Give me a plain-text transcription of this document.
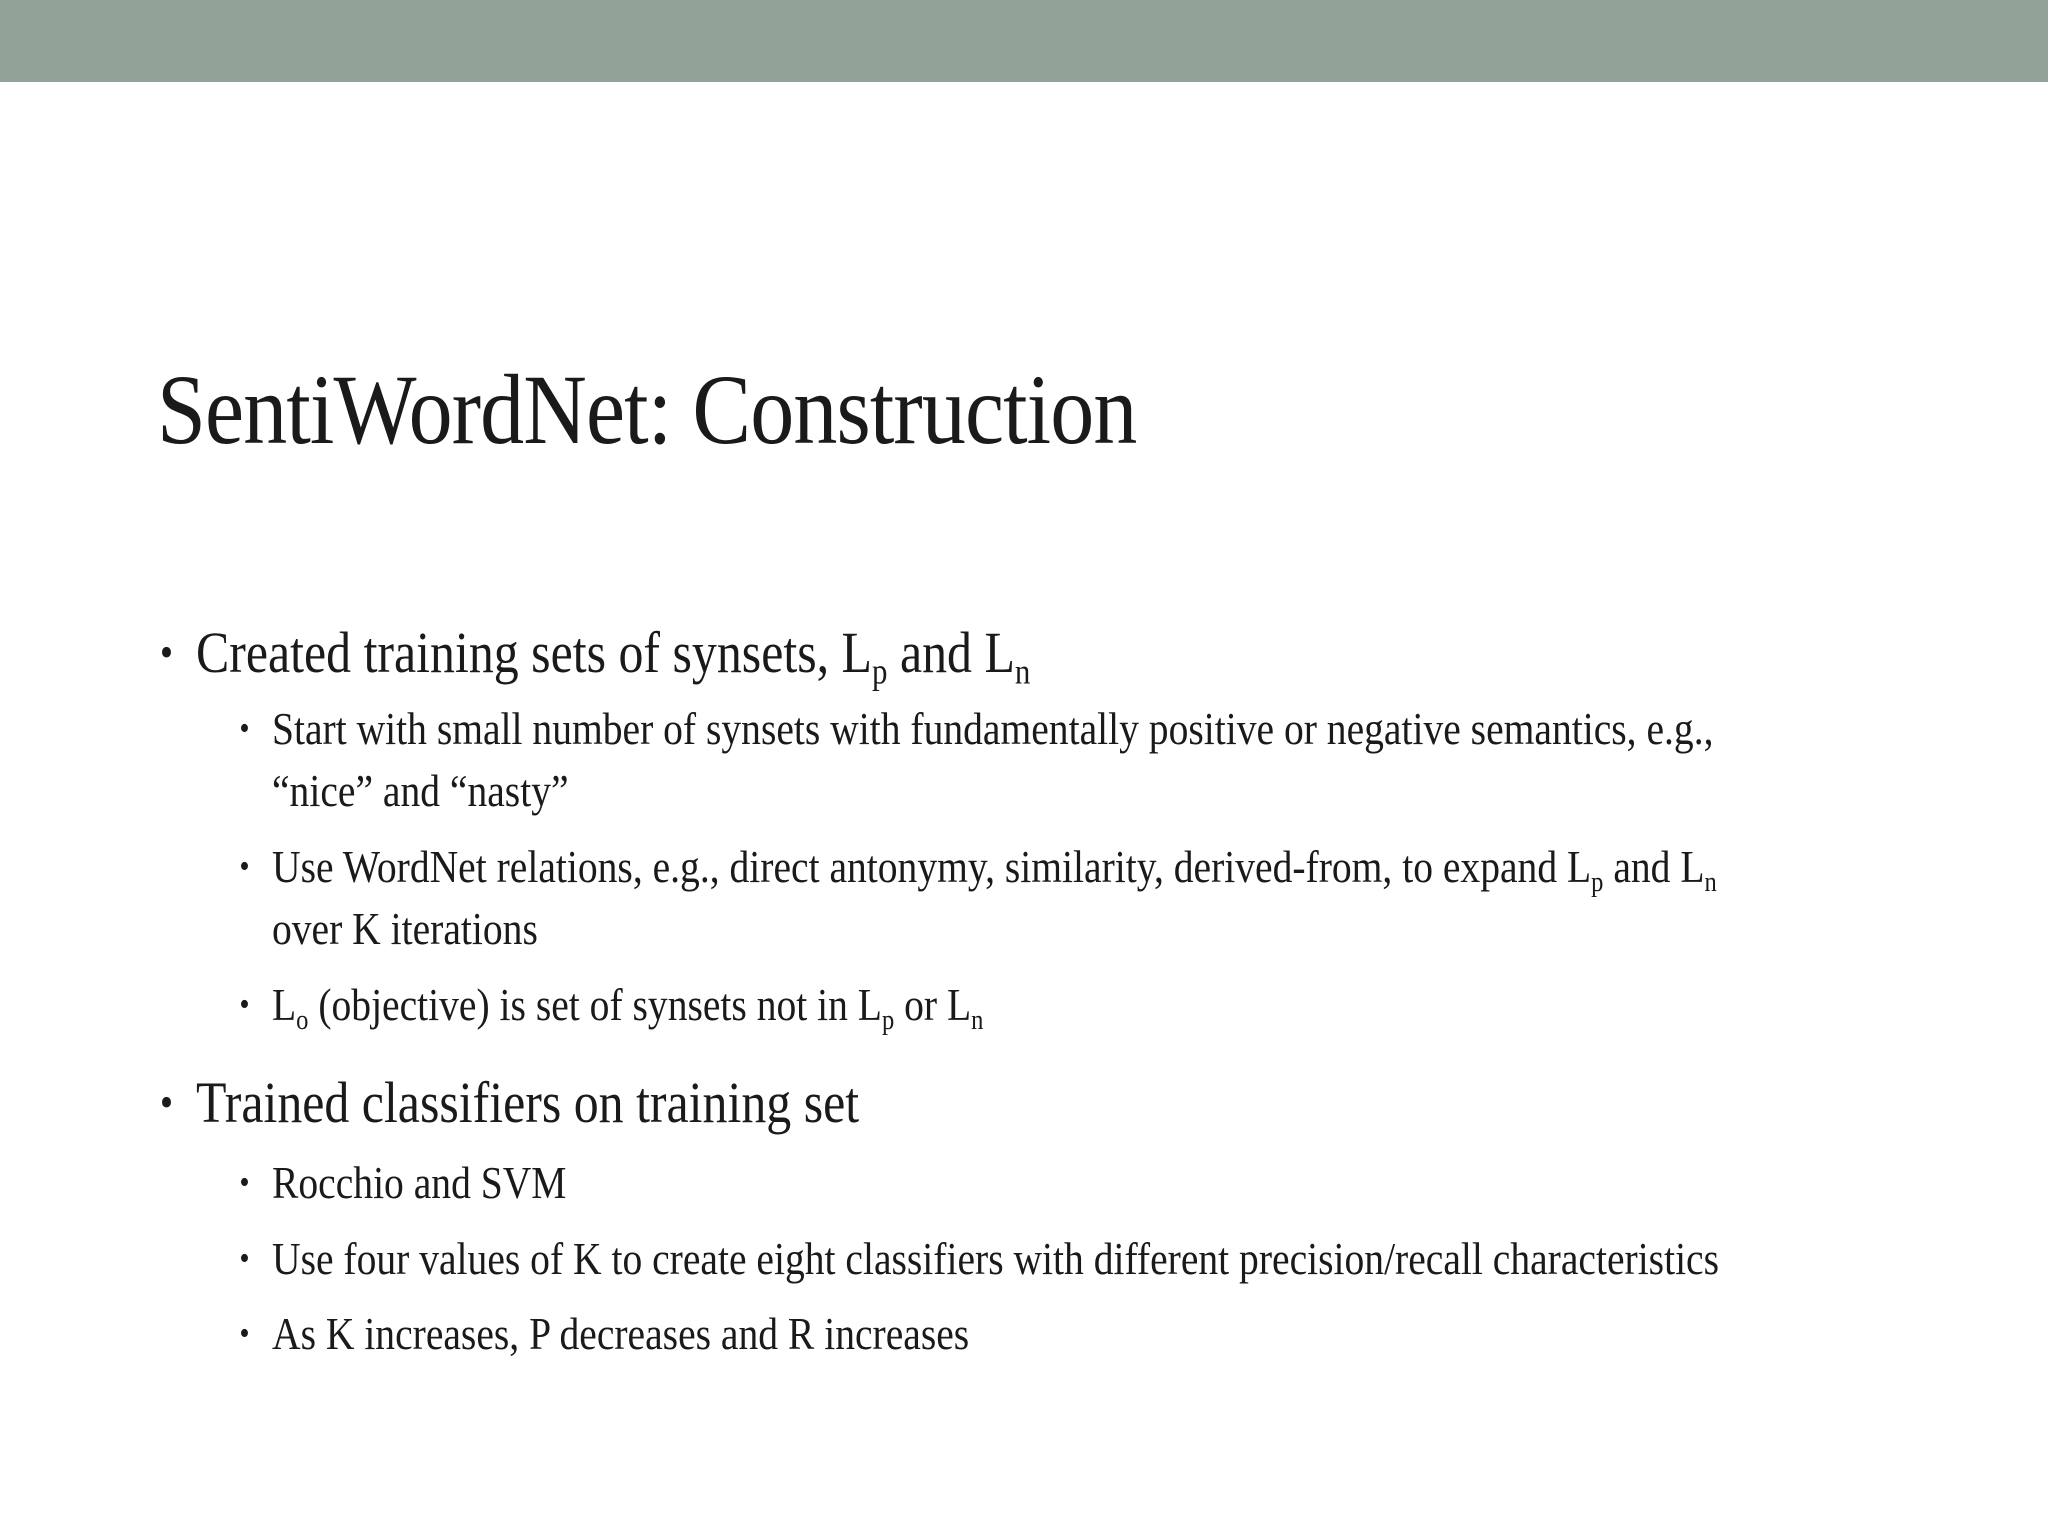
SentiWordNet: Construction
• Created training sets of synsets, $L_p$ and $L_n$
• Start with small number of synsets with fundamentally positive or negative semantics, e.g.,
“nice” and “nasty”
• Use WordNet relations, e.g., direct antonymy, similarity, derived-from, to expand $L_p$ and $L_n$
over K iterations
• $L_o$ (objective) is set of synsets not in $L_p$ or $L_n$
• Trained classifiers on training set
• Rocchio and SVM
• Use four values of K to create eight classifiers with different precision/recall characteristics
• As K increases, P decreases and R increases
